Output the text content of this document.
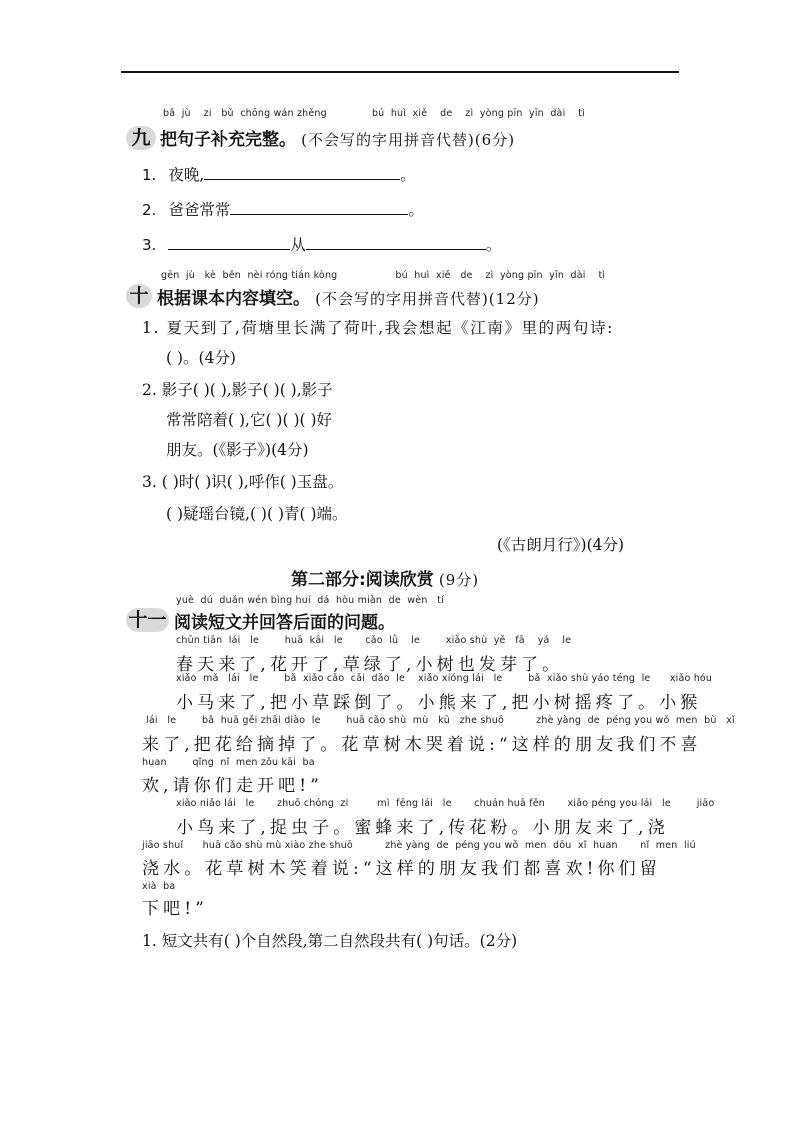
bǎ  jù    zi   bǔ  chōng wán zhěng              bú  huì  xiě    de    zì  yòng pīn  yīn  dài    tì
九 把句子补充完整。 (不会写的字用拼音代替)(6分)
1. 夜晚,	。
2. 爸爸常常	。
3.	从	。
gēn  jù   kè  běn  nèi róng tián kòng                  bú  huì  xiě   de    zì  yòng pīn  yīn  dài    tì
十 根据课本内容填空。 (不会写的字用拼音代替)(12分)
1. 夏天到了,荷塘里长满了荷叶,我会想起《江南》里的两句诗:
( )。(4分)
2. 影子( )( ),影子( )( ),影子
常常陪着( ),它( )( )( )好
朋友。(《影子》)(4分)
3. ( )时( )识( ),呼作( )玉盘。
( )疑瑶台镜,( )( )青( )端。
(《古朗月行》)(4分)
第二部分:阅读欣赏 (9分)
yuè  dú  duǎn wén bìng huí  dá  hòu miàn  de  wèn   tí
十一 阅读短文并回答后面的问题。
chūn tiān  lái   le        huā  kāi   le       cǎo  lǜ    le        xiǎo shù  yě   fā    yá    le
春天来了,花开了,草绿了,小树也发芽了。
xiǎo  mǎ   lái   le        bǎ  xiǎo cǎo  cǎi  dǎo  le    xiǎo xióng lái   le        bǎ  xiǎo shù yáo téng  le      xiǎo hóu
小马来了,把小草踩倒了。小熊来了,把小树摇疼了。小猴
lái   le        bǎ  huā gěi zhāi diào  le        huā cǎo shù  mù   kū   zhe shuō          zhè yàng  de  péng you wǒ  men  bù   xǐ
来了,把花给摘掉了。花草树木哭着说:“这样的朋友我们不喜
huan        qǐng  nǐ  men zǒu kāi  ba
欢,请你们走开吧!”
xiǎo niǎo lái   le       zhuō chóng  zi         mì  fēng lái   le       chuán huā fěn       xiǎo péng you lái   le        jiāo
小鸟来了,捉虫子。蜜蜂来了,传花粉。小朋友来了,浇
jiāo shuǐ      huā cǎo shù mù xiào zhe shuō          zhè yàng  de  péng you wǒ  men  dōu  xǐ  huan       nǐ  men  liú
浇水。花草树木笑着说:“这样的朋友我们都喜欢!你们留
xià  ba
下吧!”
1. 短文共有( )个自然段,第二自然段共有( )句话。(2分)
